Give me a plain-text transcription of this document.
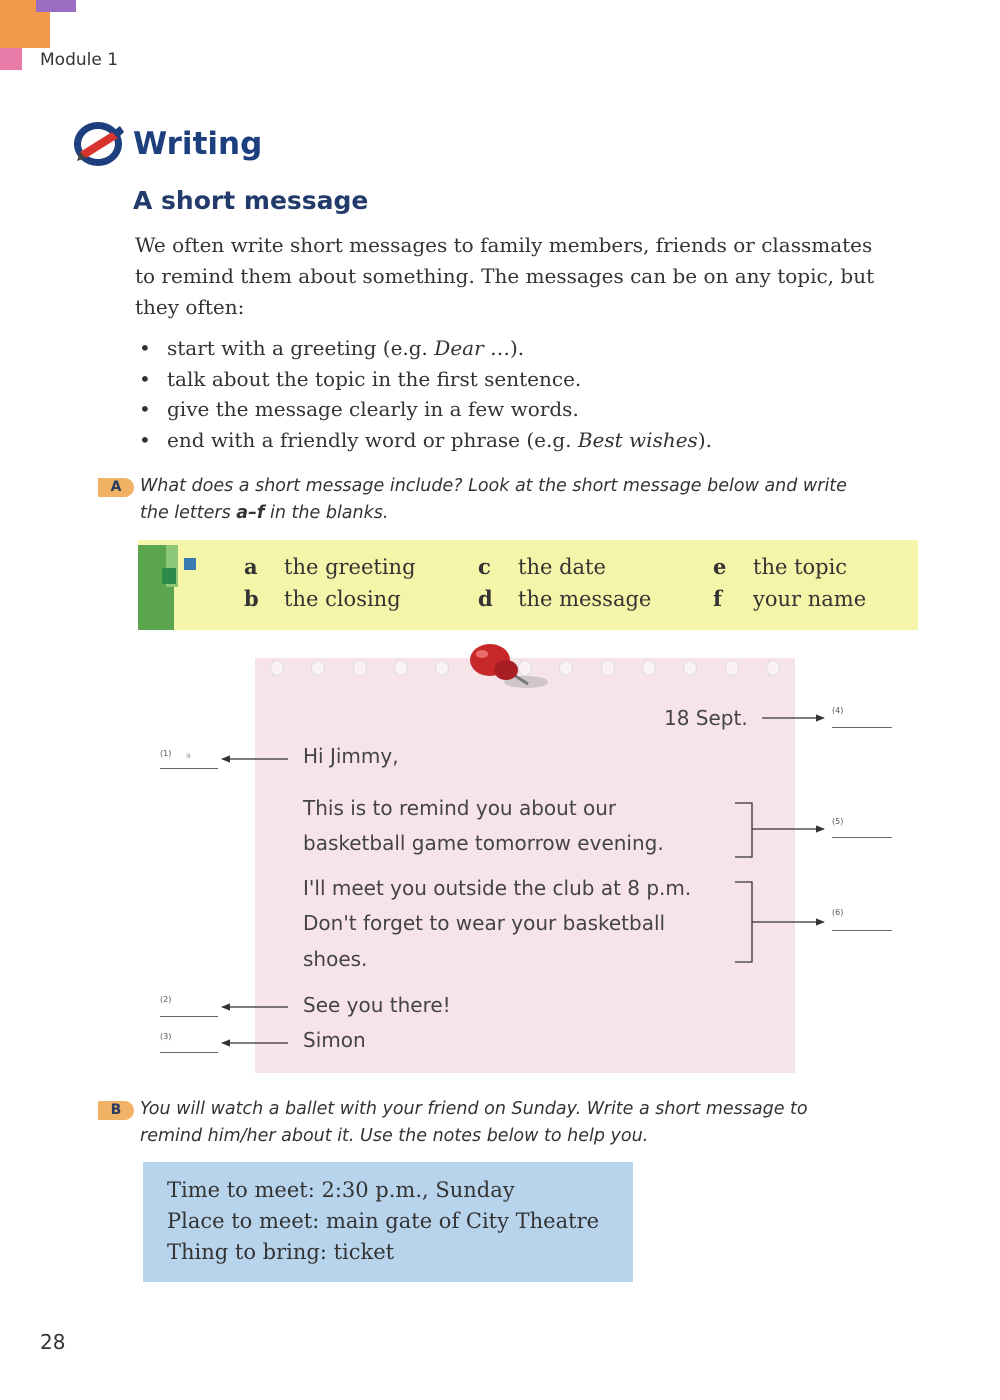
Module 1
Writing
A short message
We often write short messages to family members, friends or classmates
to remind them about something. The messages can be on any topic, but
they often:
• start with a greeting (e.g. Dear …).
• talk about the topic in the first sentence.
• give the message clearly in a few words.
• end with a friendly word or phrase (e.g. Best wishes).
A	What does a short message include? Look at the short message below and write
the letters a–f in the blanks.
a the greeting
b the closing
c the date
d the message
e the topic
f your name
18 Sept.
Hi Jimmy,
This is to remind you about our
basketball game tomorrow evening.
I'll meet you outside the club at 8 p.m.
Don't forget to wear your basketball
shoes.
See you there!
Simon
(1) a
(2)
(3)
(4)
(5)
(6)
B	You will watch a ballet with your friend on Sunday. Write a short message to
remind him/her about it. Use the notes below to help you.
Time to meet: 2:30 p.m., Sunday
Place to meet: main gate of City Theatre
Thing to bring: ticket
28
